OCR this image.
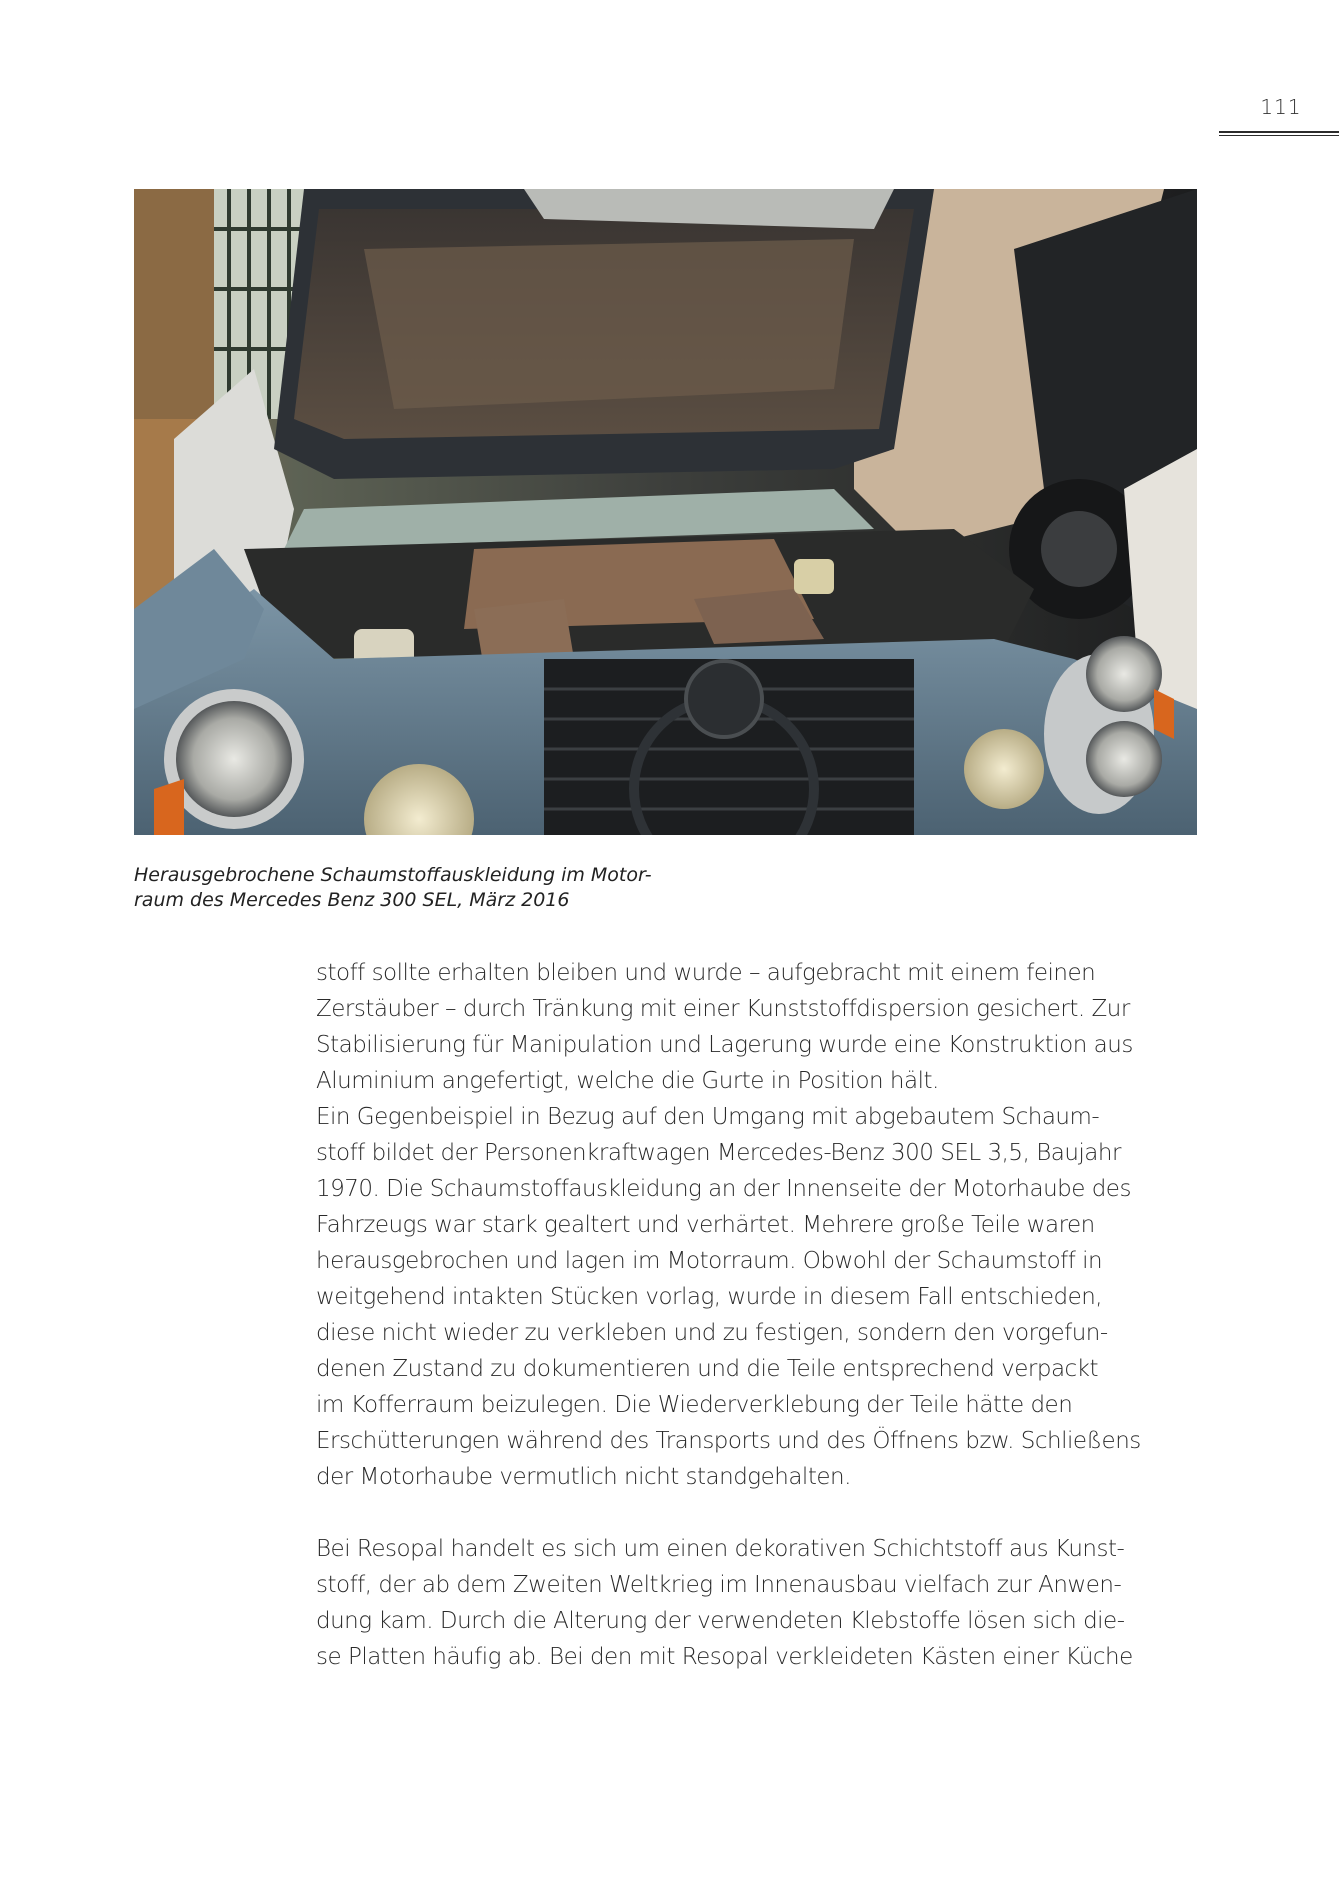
111
Herausgebrochene Schaumstoffauskleidung im Motor-
raum des Mercedes Benz 300 SEL, März 2016
stoff sollte erhalten bleiben und wurde – aufgebracht mit einem feinen
Zerstäuber – durch Tränkung mit einer Kunststoffdispersion gesichert. Zur
Stabilisierung für Manipulation und Lagerung wurde eine Konstruktion aus
Aluminium angefertigt, welche die Gurte in Position hält.
Ein Gegenbeispiel in Bezug auf den Umgang mit abgebautem Schaum-
stoff bildet der Personenkraftwagen Mercedes-Benz 300 SEL 3,5, Baujahr
1970. Die Schaumstoffauskleidung an der Innenseite der Motorhaube des
Fahrzeugs war stark gealtert und verhärtet. Mehrere große Teile waren
herausgebrochen und lagen im Motorraum. Obwohl der Schaumstoff in
weitgehend intakten Stücken vorlag, wurde in diesem Fall entschieden,
diese nicht wieder zu verkleben und zu festigen, sondern den vorgefun-
denen Zustand zu dokumentieren und die Teile entsprechend verpackt
im Kofferraum beizulegen. Die Wiederverklebung der Teile hätte den
Erschütterungen während des Transports und des Öffnens bzw. Schließens
der Motorhaube vermutlich nicht standgehalten.
Bei Resopal handelt es sich um einen dekorativen Schichtstoff aus Kunst-
stoff, der ab dem Zweiten Weltkrieg im Innenausbau vielfach zur Anwen-
dung kam. Durch die Alterung der verwendeten Klebstoffe lösen sich die-
se Platten häufig ab. Bei den mit Resopal verkleideten Kästen einer Küche
